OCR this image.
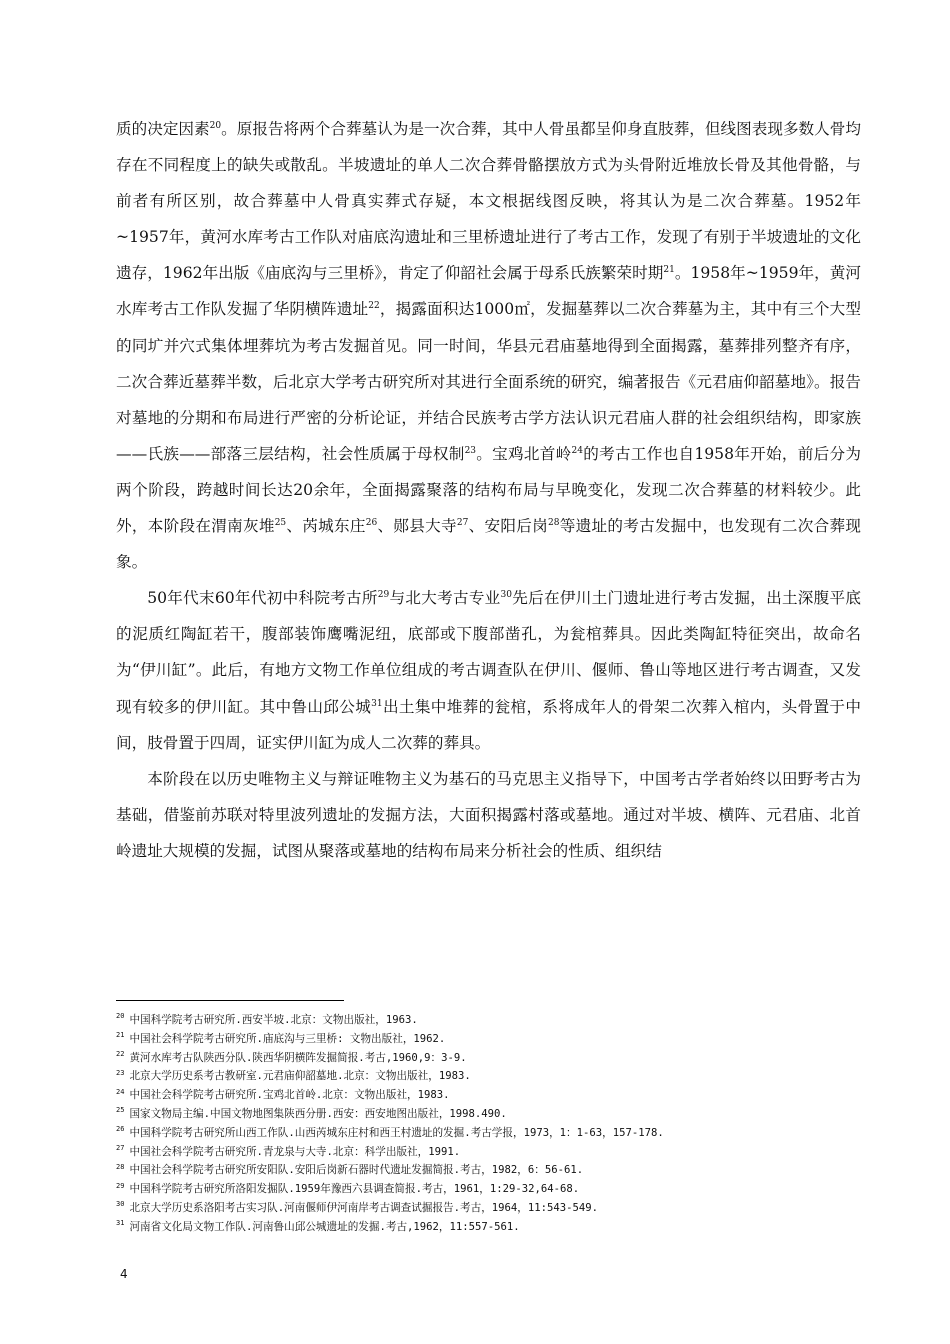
质的决定因素$^{20}$。原报告将两个合葬墓认为是一次合葬，其中人骨虽都呈仰身直肢葬，但线图表现多数人骨均存在不同程度上的缺失或散乱。半坡遗址的单人二次合葬骨骼摆放方式为头骨附近堆放长骨及其他骨骼，与前者有所区别，故合葬墓中人骨真实葬式存疑，本文根据线图反映，将其认为是二次合葬墓。1952年~1957年，黄河水库考古工作队对庙底沟遗址和三里桥遗址进行了考古工作，发现了有别于半坡遗址的文化遗存，1962年出版《庙底沟与三里桥》，肯定了仰韶社会属于母系氏族繁荣时期$^{21}$。1958年~1959年，黄河水库考古工作队发掘了华阴横阵遗址$^{22}$，揭露面积达1000㎡，发掘墓葬以二次合葬墓为主，其中有三个大型的同圹并穴式集体埋葬坑为考古发掘首见。同一时间，华县元君庙墓地得到全面揭露，墓葬排列整齐有序，二次合葬近墓葬半数，后北京大学考古研究所对其进行全面系统的研究，编著报告《元君庙仰韶墓地》。报告对墓地的分期和布局进行严密的分析论证，并结合民族考古学方法认识元君庙人群的社会组织结构，即家族——氏族——部落三层结构，社会性质属于母权制$^{23}$。宝鸡北首岭$^{24}$的考古工作也自1958年开始，前后分为两个阶段，跨越时间长达20余年，全面揭露聚落的结构布局与早晚变化，发现二次合葬墓的材料较少。此外，本阶段在渭南灰堆$^{25}$、芮城东庄$^{26}$、郧县大寺$^{27}$、安阳后岗$^{28}$等遗址的考古发掘中，也发现有二次合葬现象。

50年代末60年代初中科院考古所$^{29}$与北大考古专业$^{30}$先后在伊川土门遗址进行考古发掘，出土深腹平底的泥质红陶缸若干，腹部装饰鹰嘴泥纽，底部或下腹部凿孔，为瓮棺葬具。因此类陶缸特征突出，故命名为“伊川缸”。此后，有地方文物工作单位组成的考古调查队在伊川、偃师、鲁山等地区进行考古调查，又发现有较多的伊川缸。其中鲁山邱公城$^{31}$出土集中堆葬的瓮棺，系将成年人的骨架二次葬入棺内，头骨置于中间，肢骨置于四周，证实伊川缸为成人二次葬的葬具。

本阶段在以历史唯物主义与辩证唯物主义为基石的马克思主义指导下，中国考古学者始终以田野考古为基础，借鉴前苏联对特里波列遗址的发掘方法，大面积揭露村落或墓地。通过对半坡、横阵、元君庙、北首岭遗址大规模的发掘，试图从聚落或墓地的结构布局来分析社会的性质、组织结

$^{20}$ 中国科学院考古研究所.西安半坡.北京：文物出版社，1963.
$^{21}$ 中国社会科学院考古研究所.庙底沟与三里桥: 文物出版社，1962.
$^{22}$ 黄河水库考古队陕西分队.陕西华阴横阵发掘简报.考古,1960,9：3-9.
$^{23}$ 北京大学历史系考古教研室.元君庙仰韶墓地.北京：文物出版社，1983.
$^{24}$ 中国社会科学院考古研究所.宝鸡北首岭.北京：文物出版社，1983.
$^{25}$ 国家文物局主编.中国文物地图集陕西分册.西安：西安地图出版社，1998.490.
$^{26}$ 中国科学院考古研究所山西工作队.山西芮城东庄村和西王村遗址的发掘.考古学报，1973，1：1-63，157-178.
$^{27}$ 中国社会科学院考古研究所.青龙泉与大寺.北京：科学出版社，1991.
$^{28}$ 中国社会科学院考古研究所安阳队.安阳后岗新石器时代遗址发掘简报.考古，1982，6：56-61.
$^{29}$ 中国科学院考古研究所洛阳发掘队.1959年豫西六县调查简报.考古，1961，1:29-32,64-68.
$^{30}$ 北京大学历史系洛阳考古实习队.河南偃师伊河南岸考古调查试掘报告.考古，1964，11:543-549.
$^{31}$ 河南省文化局文物工作队.河南鲁山邱公城遗址的发掘.考古,1962，11:557-561.
4
